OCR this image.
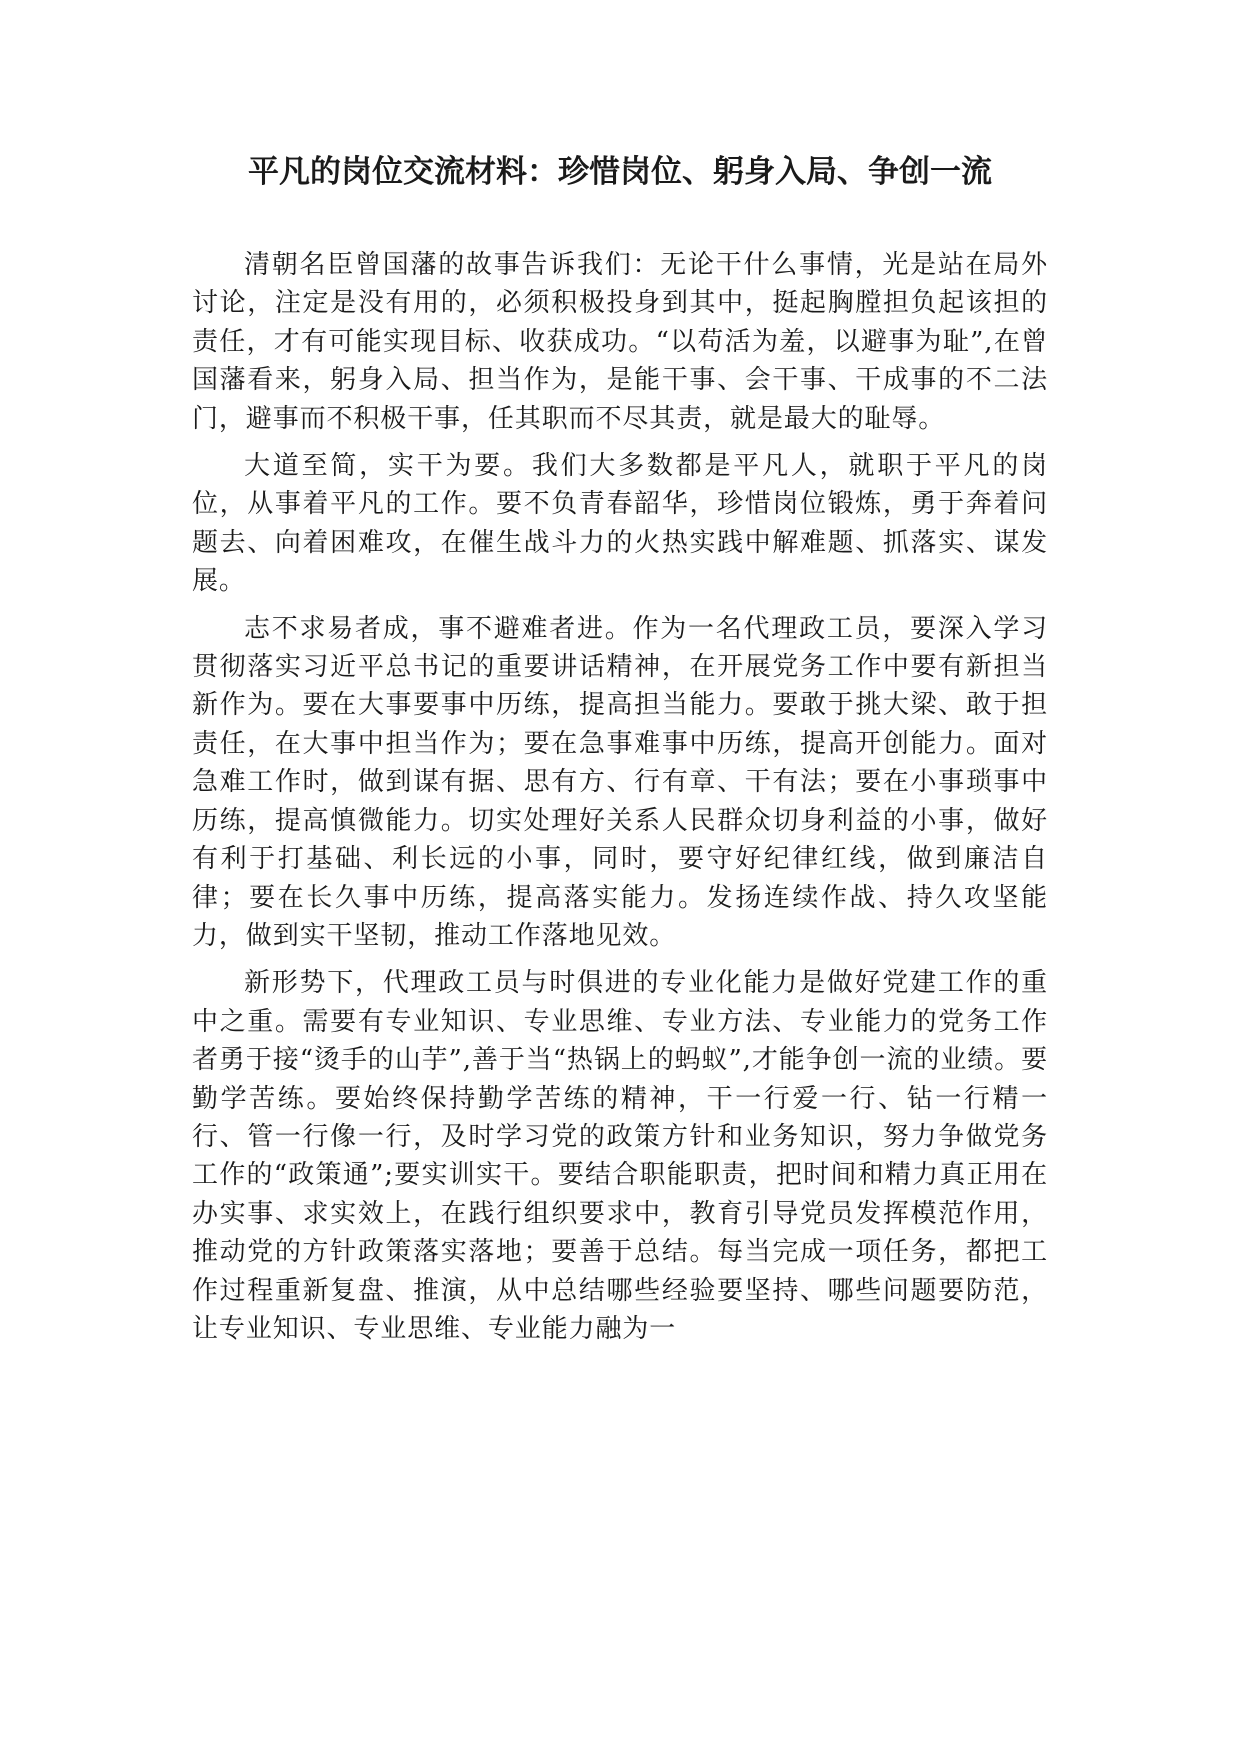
平凡的岗位交流材料：珍惜岗位、躬身入局、争创一流

清朝名臣曾国藩的故事告诉我们：无论干什么事情，光是站在局外讨论，注定是没有用的，必须积极投身到其中，挺起胸膛担负起该担的责任，才有可能实现目标、收获成功。“以苟活为羞，以避事为耻”,在曾国藩看来，躬身入局、担当作为，是能干事、会干事、干成事的不二法门，避事而不积极干事，任其职而不尽其责，就是最大的耻辱。

大道至简，实干为要。我们大多数都是平凡人，就职于平凡的岗位，从事着平凡的工作。要不负青春韶华，珍惜岗位锻炼，勇于奔着问题去、向着困难攻，在催生战斗力的火热实践中解难题、抓落实、谋发展。

志不求易者成，事不避难者进。作为一名代理政工员，要深入学习贯彻落实习近平总书记的重要讲话精神，在开展党务工作中要有新担当新作为。要在大事要事中历练，提高担当能力。要敢于挑大梁、敢于担责任，在大事中担当作为；要在急事难事中历练，提高开创能力。面对急难工作时，做到谋有据、思有方、行有章、干有法；要在小事琐事中历练，提高慎微能力。切实处理好关系人民群众切身利益的小事，做好有利于打基础、利长远的小事，同时，要守好纪律红线，做到廉洁自律；要在长久事中历练，提高落实能力。发扬连续作战、持久攻坚能力，做到实干坚韧，推动工作落地见效。

新形势下，代理政工员与时俱进的专业化能力是做好党建工作的重中之重。需要有专业知识、专业思维、专业方法、专业能力的党务工作者勇于接“烫手的山芋”,善于当“热锅上的蚂蚁”,才能争创一流的业绩。要勤学苦练。要始终保持勤学苦练的精神，干一行爱一行、钻一行精一行、管一行像一行，及时学习党的政策方针和业务知识，努力争做党务工作的“政策通”;要实训实干。要结合职能职责，把时间和精力真正用在办实事、求实效上，在践行组织要求中，教育引导党员发挥模范作用，推动党的方针政策落实落地；要善于总结。每当完成一项任务，都把工作过程重新复盘、推演，从中总结哪些经验要坚持、哪些问题要防范，让专业知识、专业思维、专业能力融为一
